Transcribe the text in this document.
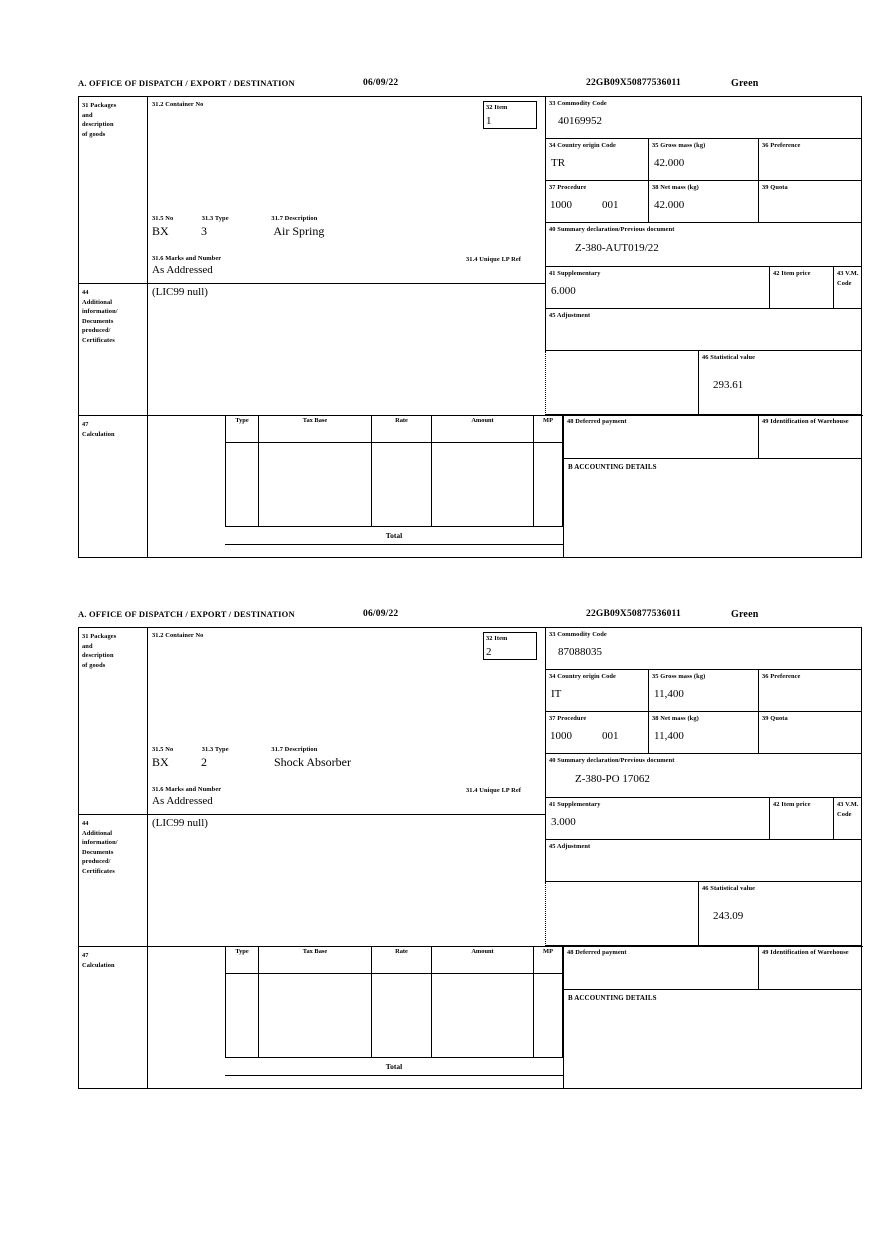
A. OFFICE OF DISPATCH / EXPORT / DESTINATION	06/09/22	22GB09X50877536011	Green
31 Packages
and
description
of goods
44
Additional
information/
Documents
produced/
Certificates
47
Calculation
31.2 Container No
31.5 No	31.3 Type	31.7 Description
BX	3	Air Spring
31.6 Marks and Number
As Addressed
31.4 Unique I.P Ref
32 Item
1
33 Commodity Code
40169952
34 Country origin Code
TR
35 Gross mass (kg)
42.000
36 Preference
37 Procedure
1000	001
38 Net mass (kg)
42.000
39 Quota
40 Summary declaration/Previous document
Z-380-AUT019/22
41 Supplementary
6.000
42 Item price	43 V.M. Code
45 Adjustment
46 Statistical value
293.61
(LIC99 null)
Type	Tax Base	Rate	Amount	MP
Total
48 Deferred payment	49 Identification of Warehouse
B ACCOUNTING DETAILS
A. OFFICE OF DISPATCH / EXPORT / DESTINATION	06/09/22	22GB09X50877536011	Green
31 Packages
and
description
of goods
44
Additional
information/
Documents
produced/
Certificates
47
Calculation
31.2 Container No
31.5 No	31.3 Type	31.7 Description
BX	2	Shock Absorber
31.6 Marks and Number
As Addressed
31.4 Unique I.P Ref
32 Item
2
33 Commodity Code
87088035
34 Country origin Code
IT
35 Gross mass (kg)
11,400
36 Preference
37 Procedure
1000	001
38 Net mass (kg)
11,400
39 Quota
40 Summary declaration/Previous document
Z-380-PO 17062
41 Supplementary
3.000
42 Item price	43 V.M. Code
45 Adjustment
46 Statistical value
243.09
(LIC99 null)
Type	Tax Base	Rate	Amount	MP
Total
48 Deferred payment	49 Identification of Warehouse
B ACCOUNTING DETAILS
